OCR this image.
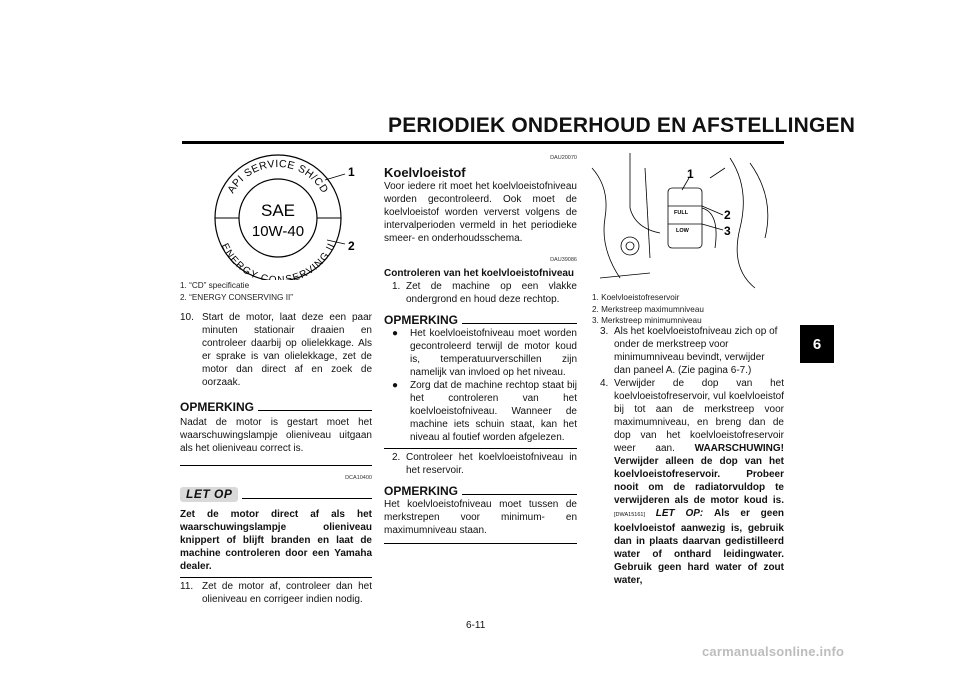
PERIODIEK ONDERHOUD EN AFSTELLINGEN
6
API SERVICE SH/CD
ENERGY C SERVING II
SAE
10W-40
1
2
1. “CD” specificatie
2. “ENERGY CONSERVING II”
10. Start de motor, laat deze een paar minuten stationair draaien en controleer daarbij op olielekkage. Als er sprake is van olielekkage, zet de motor dan direct af en zoek de oorzaak.
OPMERKING

Nadat de motor is gestart moet het waarschuwingslampje olieniveau uitgaan als het olieniveau correct is.

DCA10400
LET OP

Zet de motor direct af als het waarschuwingslampje olieniveau knippert of blijft branden en laat de machine controleren door een Yamaha dealer.

11. Zet de motor af, controleer dan het olieniveau en corrigeer indien nodig.
DAU20070
Koelvloeistof

Voor iedere rit moet het koelvloeistofniveau worden gecontroleerd. Ook moet de koelvloeistof worden ververst volgens de intervalperioden vermeld in het periodieke smeer- en onderhoudsschema.

DAU39086
Controleren van het koelvloeistofniveau
1. Zet de machine op een vlakke ondergrond en houd deze rechtop.
OPMERKING
●	Het koelvloeistofniveau moet worden gecontroleerd terwijl de motor koud is, temperatuurverschillen zijn namelijk van invloed op het niveau.
●	Zorg dat de machine rechtop staat bij het controleren van het koelvloeistofniveau. Wanneer de machine iets schuin staat, kan het niveau al foutief worden afgelezen.
2. Controleer het koelvloeistofniveau in het reservoir.
OPMERKING

Het koelvloeistofniveau moet tussen de merkstrepen voor minimum- en maximumniveau staan.

FULL
LOW
1
2
3
1. Koelvloeistofreservoir
2. Merkstreep maximumniveau
3. Merkstreep minimumniveau
3. Als het koelvloeistofniveau zich op of onder de merkstreep voor minimumniveau bevindt, verwijder dan paneel A. (Zie pagina 6-7.)
4. Verwijder de dop van het koelvloeistofreservoir, vul koelvloeistof bij tot aan de merkstreep voor maximumniveau, en breng dan de dop van het koelvloeistofreservoir weer aan. WAARSCHUWING! Verwijder alleen de dop van het koelvloeistofreservoir. Probeer nooit om de radiatorvuldop te verwijderen als de motor koud is. [DWA15161] LET OP: Als er geen koelvloeistof aanwezig is, gebruik dan in plaats daarvan gedistilleerd water of onthard leidingwater. Gebruik geen hard water of zout water,
6-11
carmanualsonline.info
